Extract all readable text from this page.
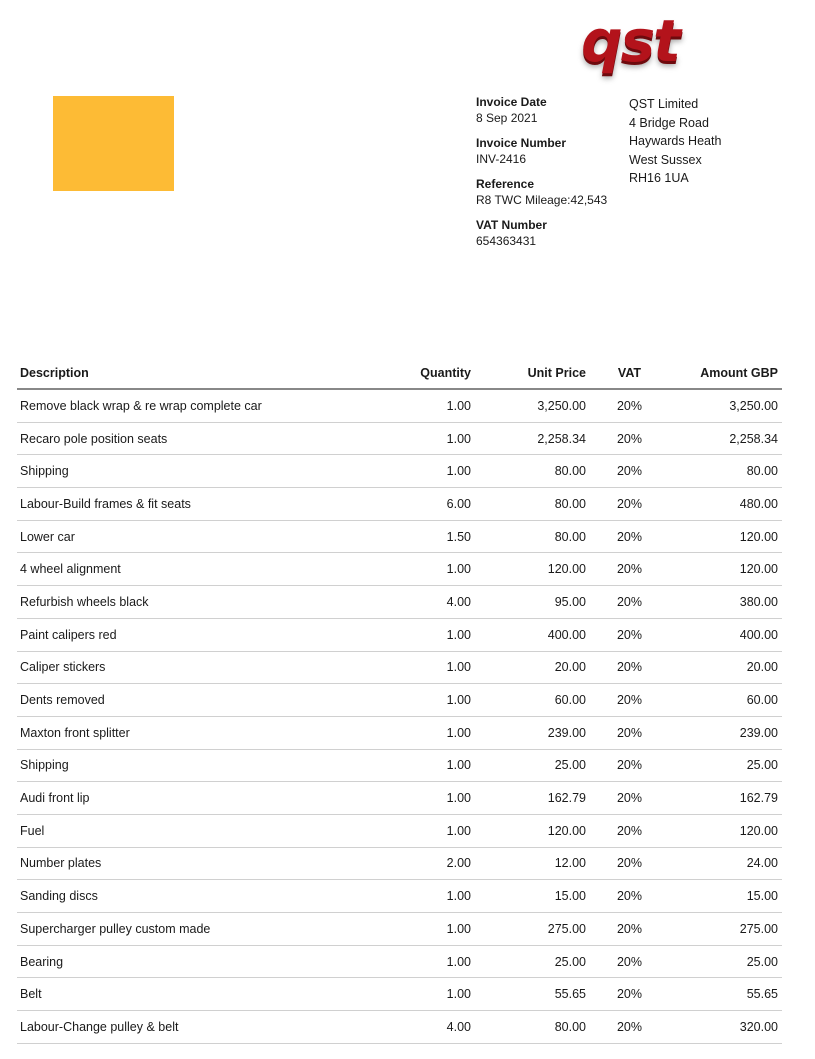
qst
Invoice Date
8 Sep 2021
Invoice Number
INV-2416
Reference
R8 TWC Mileage:42,543
VAT Number
654363431
QST Limited
4 Bridge Road
Haywards Heath
West Sussex
RH16 1UA
Description	Quantity	Unit Price	VAT	Amount GBP
Remove black wrap & re wrap complete car	1.00	3,250.00	20%	3,250.00
Recaro pole position seats	1.00	2,258.34	20%	2,258.34
Shipping	1.00	80.00	20%	80.00
Labour-Build frames & fit seats	6.00	80.00	20%	480.00
Lower car	1.50	80.00	20%	120.00
4 wheel alignment	1.00	120.00	20%	120.00
Refurbish wheels black	4.00	95.00	20%	380.00
Paint calipers red	1.00	400.00	20%	400.00
Caliper stickers	1.00	20.00	20%	20.00
Dents removed	1.00	60.00	20%	60.00
Maxton front splitter	1.00	239.00	20%	239.00
Shipping	1.00	25.00	20%	25.00
Audi front lip	1.00	162.79	20%	162.79
Fuel	1.00	120.00	20%	120.00
Number plates	2.00	12.00	20%	24.00
Sanding discs	1.00	15.00	20%	15.00
Supercharger pulley custom made	1.00	275.00	20%	275.00
Bearing	1.00	25.00	20%	25.00
Belt	1.00	55.65	20%	55.65
Labour-Change pulley & belt	4.00	80.00	20%	320.00
